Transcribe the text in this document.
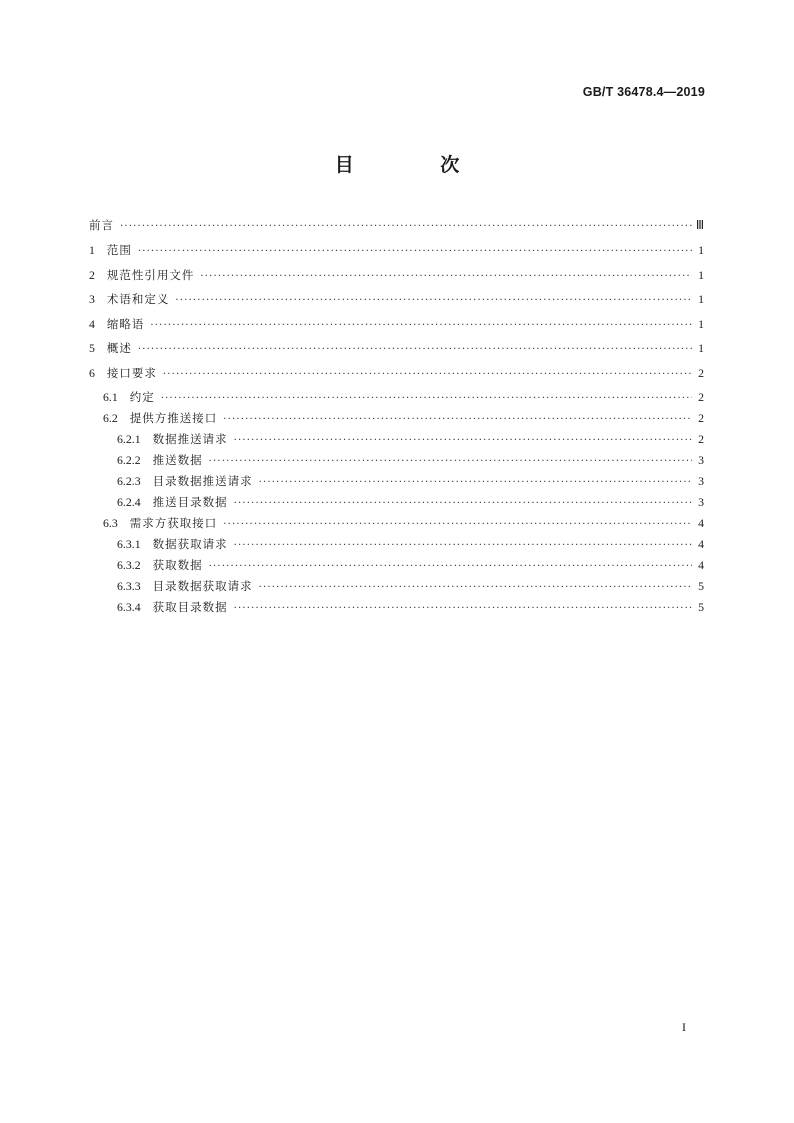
GB/T 36478.4—2019
目 次
前言 ·····	Ⅲ
1 范围 ·····	1
2 规范性引用文件 ·····	1
3 术语和定义 ·····	1
4 缩略语 ·····	1
5 概述 ·····	1
6 接口要求 ·····	2
6.1 约定 ·····	2
6.2 提供方推送接口 ·····	2
6.2.1 数据推送请求 ·····	2
6.2.2 推送数据 ·····	3
6.2.3 目录数据推送请求 ·····	3
6.2.4 推送目录数据 ·····	3
6.3 需求方获取接口 ·····	4
6.3.1 数据获取请求 ·····	4
6.3.2 获取数据 ·····	4
6.3.3 目录数据获取请求 ·····	5
6.3.4 获取目录数据 ·····	5
I
